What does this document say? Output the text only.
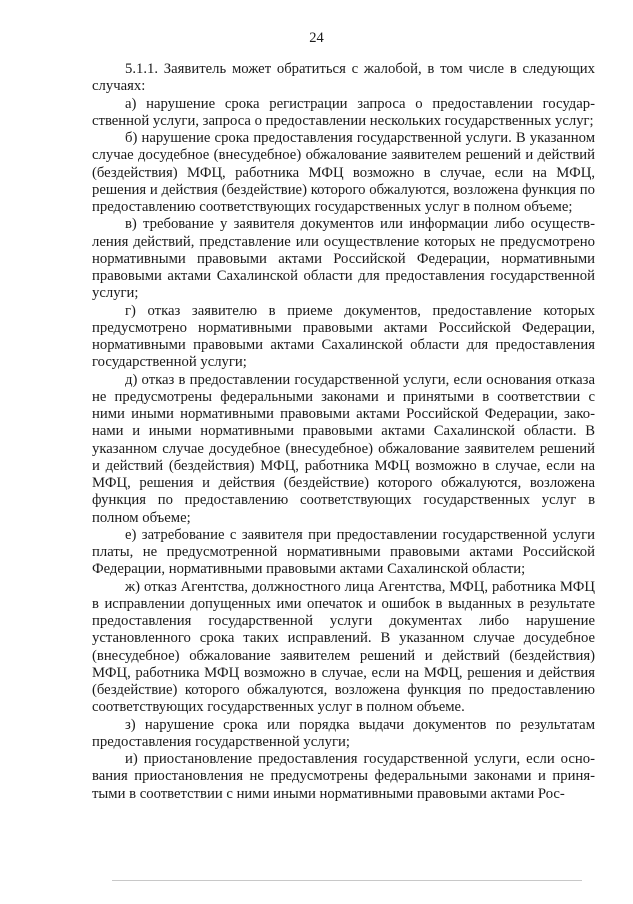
24

5.1.1. Заявитель может обратиться с жалобой, в том числе в следующих случаях:

а) нарушение срока регистрации запроса о предоставлении государственной услуги, запроса о предоставлении нескольких государственных услуг;

б) нарушение срока предоставления государственной услуги. В указанном случае досудебное (внесудебное) обжалование заявителем решений и действий (бездействия) МФЦ, работника МФЦ возможно в случае, если на МФЦ, решения и действия (бездействие) которого обжалуются, возложена функция по предоставлению соответствующих государственных услуг в полном объеме;

в) требование у заявителя документов или информации либо осуществления действий, представление или осуществление которых не предусмотрено нормативными правовыми актами Российской Федерации, нормативными правовыми актами Сахалинской области для предоставления государственной услуги;

г) отказ заявителю в приеме документов, предоставление которых предусмотрено нормативными правовыми актами Российской Федерации, нормативными правовыми актами Сахалинской области для предоставления государственной услуги;

д) отказ в предоставлении государственной услуги, если основания отказа не предусмотрены федеральными законами и принятыми в соответствии с ними иными нормативными правовыми актами Российской Федерации, законами и иными нормативными правовыми актами Сахалинской области. В указанном случае досудебное (внесудебное) обжалование заявителем решений и действий (бездействия) МФЦ, работника МФЦ возможно в случае, если на МФЦ, решения и действия (бездействие) которого обжалуются, возложена функция по предоставлению соответствующих государственных услуг в полном объеме;

е) затребование с заявителя при предоставлении государственной услуги платы, не предусмотренной нормативными правовыми актами Российской Федерации, нормативными правовыми актами Сахалинской области;

ж) отказ Агентства, должностного лица Агентства, МФЦ, работника МФЦ в исправлении допущенных ими опечаток и ошибок в выданных в результате предоставления государственной услуги документах либо нарушение установленного срока таких исправлений. В указанном случае досудебное (внесудебное) обжалование заявителем решений и действий (бездействия) МФЦ, работника МФЦ возможно в случае, если на МФЦ, решения и действия (бездействие) которого обжалуются, возложена функция по предоставлению соответствующих государственных услуг в полном объеме.

з) нарушение срока или порядка выдачи документов по результатам предоставления государственной услуги;

и) приостановление предоставления государственной услуги, если основания приостановления не предусмотрены федеральными законами и принятыми в соответствии с ними иными нормативными правовыми актами Рос-
